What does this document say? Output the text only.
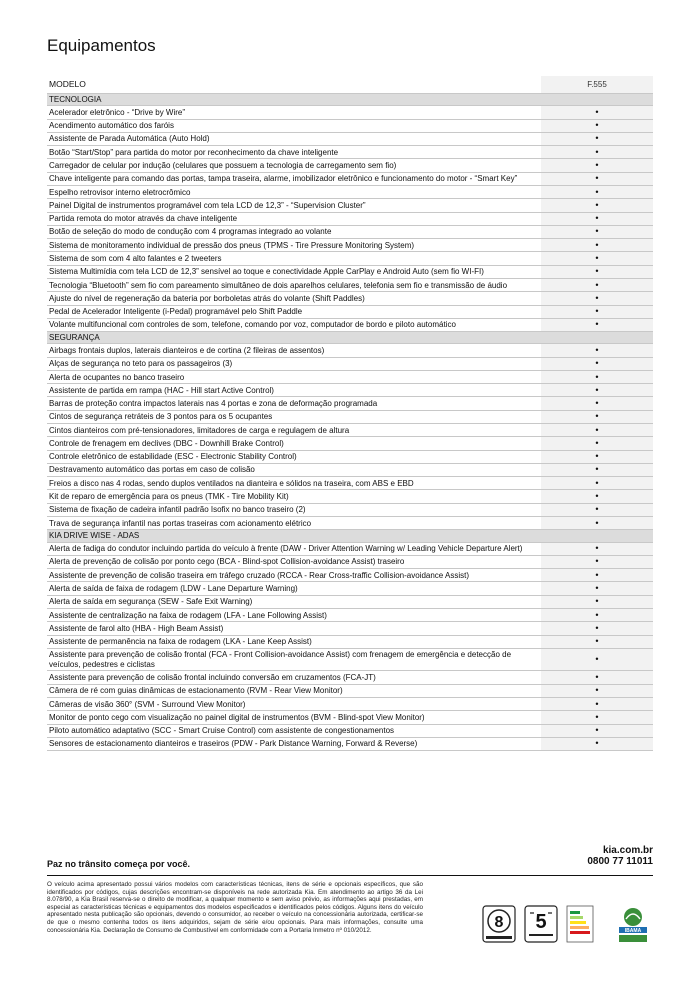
Equipamentos
MODELO	F.555
TECNOLOGIA	
Acelerador eletrônico - “Drive by Wire”	•
Acendimento automático dos faróis	•
Assistente de Parada Automática (Auto Hold)	•
Botão “Start/Stop” para partida do motor por reconhecimento da chave inteligente	•
Carregador de celular por indução (celulares que possuem a tecnologia de carregamento sem fio)	•
Chave inteligente para comando das portas, tampa traseira, alarme, imobilizador eletrônico e funcionamento do motor - “Smart Key”	•
Espelho retrovisor interno eletrocrômico	•
Painel Digital de instrumentos programável com tela LCD de 12,3” - “Supervision Cluster”	•
Partida remota do motor através da chave inteligente	•
Botão de seleção do modo de condução com 4 programas integrado ao volante	•
Sistema de monitoramento individual de pressão dos pneus (TPMS - Tire Pressure Monitoring System)	•
Sistema de som com 4 alto falantes e 2 tweeters	•
Sistema Multimídia com tela LCD de 12,3” sensível ao toque e conectividade Apple CarPlay e Android Auto (sem fio WI-FI)	•
Tecnologia “Bluetooth” sem fio com pareamento simultâneo de dois aparelhos celulares, telefonia sem fio e transmissão de áudio	•
Ajuste do nível de regeneração da bateria por borboletas atrás do volante (Shift Paddles)	•
Pedal de Acelerador Inteligente (i-Pedal) programável pelo Shift Paddle	•
Volante multifuncional com controles de som, telefone, comando por voz, computador de bordo e piloto automático	•
SEGURANÇA	
Airbags frontais duplos, laterais dianteiros e de cortina (2 fileiras de assentos)	•
Alças de segurança no teto para os passageiros (3)	•
Alerta de ocupantes no banco traseiro	•
Assistente de partida em rampa (HAC - Hill start Active Control)	•
Barras de proteção contra impactos laterais nas 4 portas e zona de deformação programada	•
Cintos de segurança retráteis de 3 pontos para os 5 ocupantes	•
Cintos dianteiros com pré-tensionadores, limitadores de carga e regulagem de altura	•
Controle de frenagem em declives (DBC - Downhill Brake Control)	•
Controle eletrônico de estabilidade (ESC - Electronic Stability Control)	•
Destravamento automático das portas em caso de colisão	•
Freios a disco nas 4 rodas, sendo duplos ventilados na dianteira e sólidos na traseira, com ABS e EBD	•
Kit de reparo de emergência para os pneus (TMK - Tire Mobility Kit)	•
Sistema de fixação de cadeira infantil padrão Isofix no banco traseiro (2)	•
Trava de segurança infantil nas portas traseiras com acionamento elétrico	•
KIA DRIVE WISE - ADAS	
Alerta de fadiga do condutor incluindo partida do veículo à frente (DAW - Driver Attention Warning w/ Leading Vehicle Departure Alert)	•
Alerta de prevenção de colisão por ponto cego (BCA - Blind-spot Collision-avoidance Assist) traseiro	•
Assistente de prevenção de colisão traseira em tráfego cruzado (RCCA - Rear Cross-traffic Collision-avoidance Assist)	•
Alerta de saída de faixa de rodagem (LDW - Lane Departure Warning)	•
Alerta de saída em segurança (SEW - Safe Exit Warning)	•
Assistente de centralização na faixa de rodagem (LFA - Lane Following Assist)	•
Assistente de farol alto (HBA - High Beam Assist)	•
Assistente de permanência na faixa de rodagem (LKA - Lane Keep Assist)	•
Assistente para prevenção de colisão frontal (FCA - Front Collision-avoidance Assist) com frenagem de emergência e detecção de veículos, pedestres e ciclistas	•
Assistente para prevenção de colisão frontal incluindo conversão em cruzamentos (FCA-JT)	•
Câmera de ré com guias dinâmicas de estacionamento (RVM - Rear View Monitor)	•
Câmeras de visão 360° (SVM - Surround View Monitor)	•
Monitor de ponto cego com visualização no painel digital de instrumentos (BVM - Blind-spot View Monitor)	•
Piloto automático adaptativo (SCC - Smart Cruise Control) com assistente de congestionamentos	•
Sensores de estacionamento dianteiros e traseiros (PDW - Park Distance Warning, Forward & Reverse)	•
kia.com.br
0800 77 11011
Paz no trânsito começa por você.
O veículo acima apresentado possui vários modelos com características técnicas, itens de série e opcionais específicos, que são identificados por códigos, cujas descrições encontram-se disponíveis na rede autorizada Kia. Em atendimento ao artigo 36 da Lei 8.078/90, a Kia Brasil reserva-se o direito de modificar, a qualquer momento e sem aviso prévio, as informações aqui prestadas, em especial as características técnicas e equipamentos dos modelos especificados e identificados pelos códigos. Alguns itens do veículo apresentado nesta publicação são opcionais, devendo o consumidor, ao receber o veículo na concessionária autorizada, certificar-se de que o mesmo contenha todos os itens adquiridos, sejam de série e/ou opcionais. Para mais informações, consulte uma concessionária Kia. Declaração de Consumo de Combustível em conformidade com a Portaria Inmetro nº 010/2012.	8 5	IBAMA
